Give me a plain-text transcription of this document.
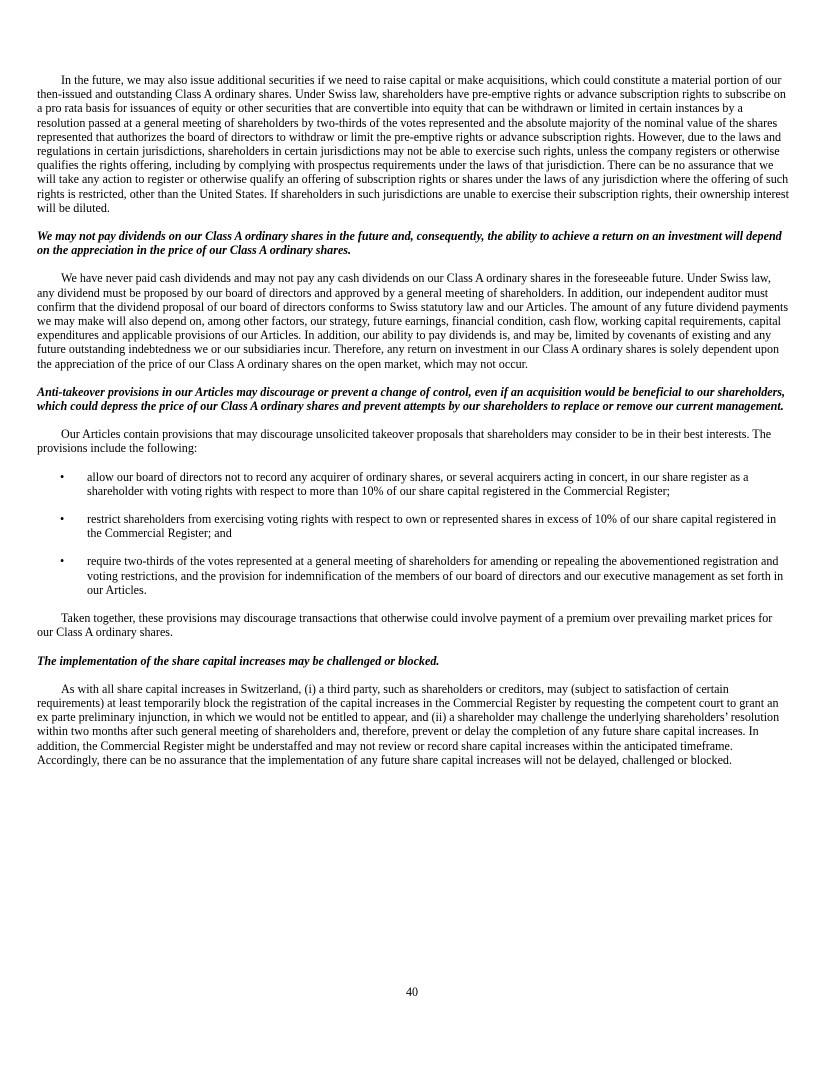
In the future, we may also issue additional securities if we need to raise capital or make acquisitions, which could constitute a material portion of our then-issued and outstanding Class A ordinary shares. Under Swiss law, shareholders have pre-emptive rights or advance subscription rights to subscribe on a pro rata basis for issuances of equity or other securities that are convertible into equity that can be withdrawn or limited in certain instances by a resolution passed at a general meeting of shareholders by two-thirds of the votes represented and the absolute majority of the nominal value of the shares represented that authorizes the board of directors to withdraw or limit the pre-emptive rights or advance subscription rights. However, due to the laws and regulations in certain jurisdictions, shareholders in certain jurisdictions may not be able to exercise such rights, unless the company registers or otherwise qualifies the rights offering, including by complying with prospectus requirements under the laws of that jurisdiction. There can be no assurance that we will take any action to register or otherwise qualify an offering of subscription rights or shares under the laws of any jurisdiction where the offering of such rights is restricted, other than the United States. If shareholders in such jurisdictions are unable to exercise their subscription rights, their ownership interest will be diluted.

We may not pay dividends on our Class A ordinary shares in the future and, consequently, the ability to achieve a return on an investment will depend on the appreciation in the price of our Class A ordinary shares.

We have never paid cash dividends and may not pay any cash dividends on our Class A ordinary shares in the foreseeable future. Under Swiss law, any dividend must be proposed by our board of directors and approved by a general meeting of shareholders. In addition, our independent auditor must confirm that the dividend proposal of our board of directors conforms to Swiss statutory law and our Articles. The amount of any future dividend payments we may make will also depend on, among other factors, our strategy, future earnings, financial condition, cash flow, working capital requirements, capital expenditures and applicable provisions of our Articles. In addition, our ability to pay dividends is, and may be, limited by covenants of existing and any future outstanding indebtedness we or our subsidiaries incur. Therefore, any return on investment in our Class A ordinary shares is solely dependent upon the appreciation of the price of our Class A ordinary shares on the open market, which may not occur.

Anti-takeover provisions in our Articles may discourage or prevent a change of control, even if an acquisition would be beneficial to our shareholders, which could depress the price of our Class A ordinary shares and prevent attempts by our shareholders to replace or remove our current management.

Our Articles contain provisions that may discourage unsolicited takeover proposals that shareholders may consider to be in their best interests. The provisions include the following:

• allow our board of directors not to record any acquirer of ordinary shares, or several acquirers acting in concert, in our share register as a shareholder with voting rights with respect to more than 10% of our share capital registered in the Commercial Register;
• restrict shareholders from exercising voting rights with respect to own or represented shares in excess of 10% of our share capital registered in the Commercial Register; and
• require two-thirds of the votes represented at a general meeting of shareholders for amending or repealing the abovementioned registration and voting restrictions, and the provision for indemnification of the members of our board of directors and our executive management as set forth in our Articles.

Taken together, these provisions may discourage transactions that otherwise could involve payment of a premium over prevailing market prices for our Class A ordinary shares.

The implementation of the share capital increases may be challenged or blocked.

As with all share capital increases in Switzerland, (i) a third party, such as shareholders or creditors, may (subject to satisfaction of certain requirements) at least temporarily block the registration of the capital increases in the Commercial Register by requesting the competent court to grant an ex parte preliminary injunction, in which we would not be entitled to appear, and (ii) a shareholder may challenge the underlying shareholders’ resolution within two months after such general meeting of shareholders and, therefore, prevent or delay the completion of any future share capital increases. In addition, the Commercial Register might be understaffed and may not review or record share capital increases within the anticipated timeframe. Accordingly, there can be no assurance that the implementation of any future share capital increases will not be delayed, challenged or blocked.

40
